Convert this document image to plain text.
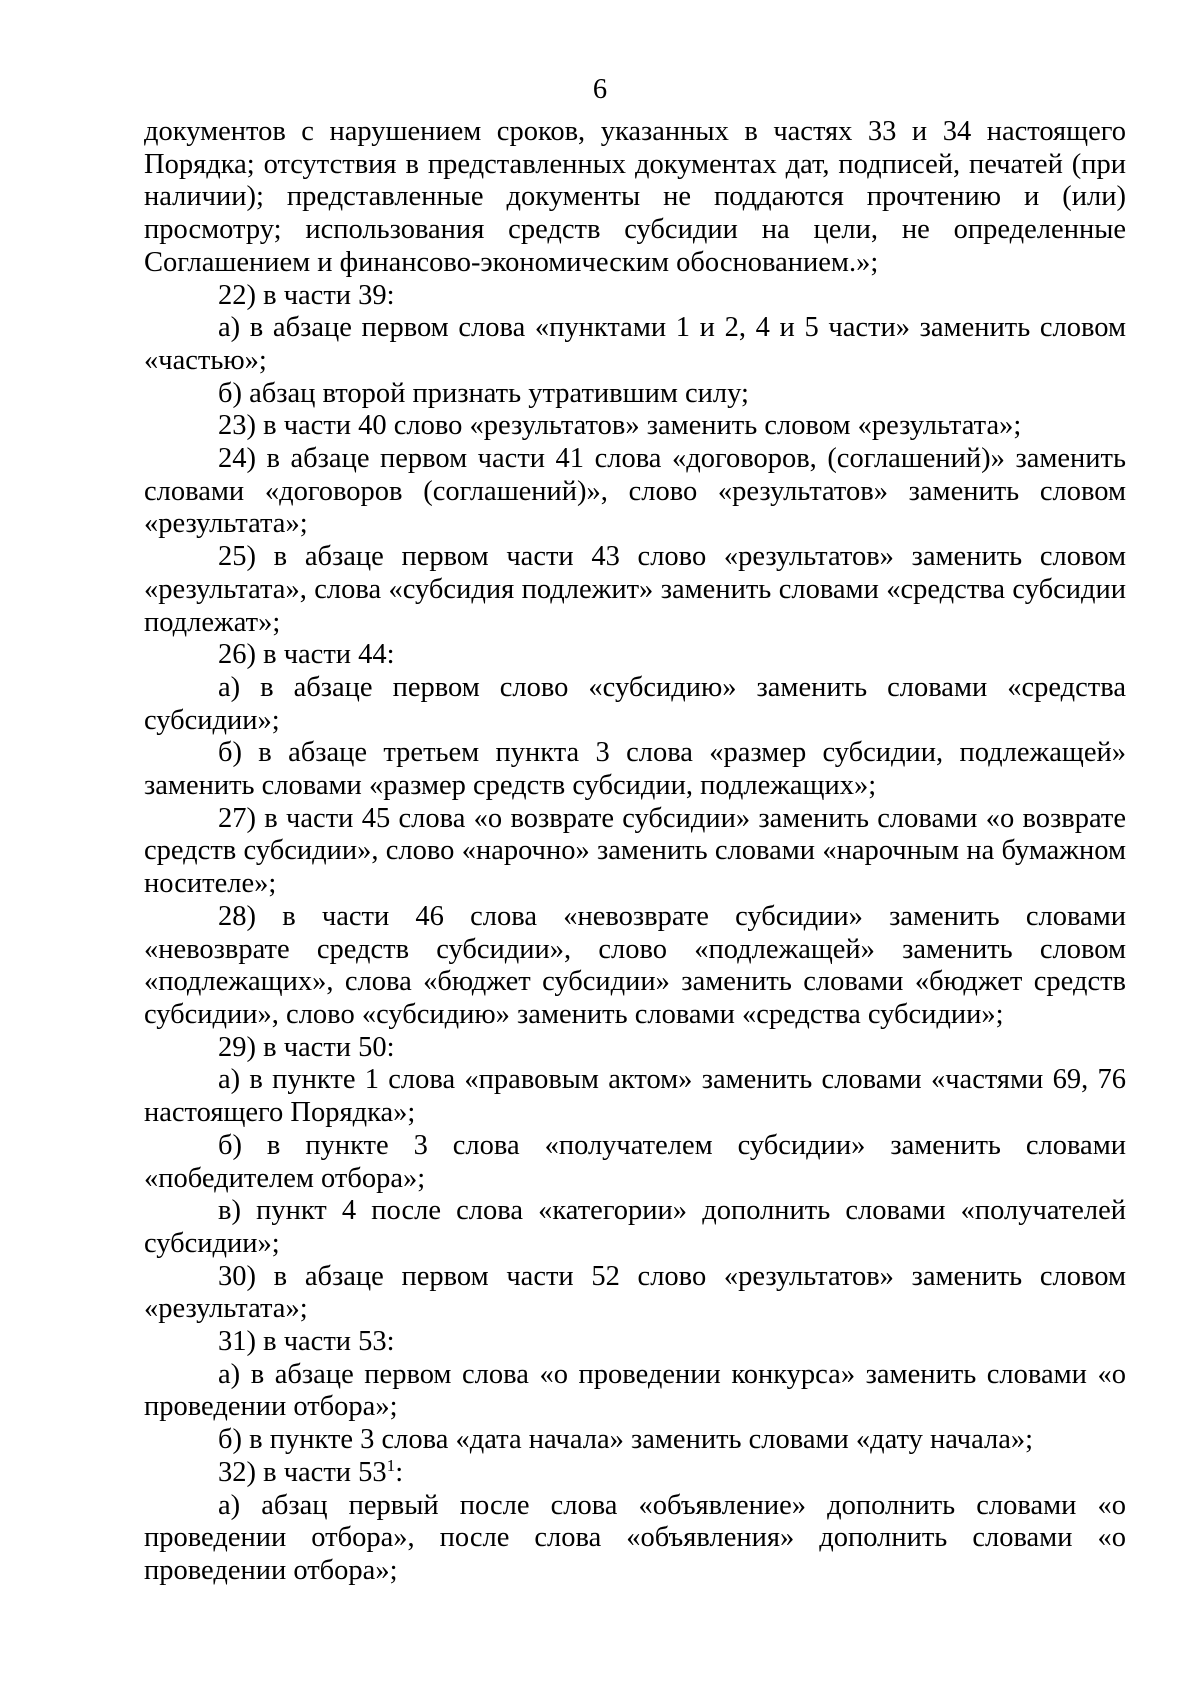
6

документов с нарушением сроков, указанных в частях 33 и 34 настоящего Порядка; отсутствия в представленных документах дат, подписей, печатей (при наличии); представленные документы не поддаются прочтению и (или) просмотру; использования средств субсидии на цели, не определенные Соглашением и финансово-экономическим обоснованием.»;

22) в части 39:

а) в абзаце первом слова «пунктами 1 и 2, 4 и 5 части» заменить словом «частью»;

б) абзац второй признать утратившим силу;

23) в части 40 слово «результатов» заменить словом «результата»;

24) в абзаце первом части 41 слова «договоров, (соглашений)» заменить словами «договоров (соглашений)», слово «результатов» заменить словом «результата»;

25) в абзаце первом части 43 слово «результатов» заменить словом «результата», слова «субсидия подлежит» заменить словами «средства субсидии подлежат»;

26) в части 44:

а) в абзаце первом слово «субсидию» заменить словами «средства субсидии»;

б) в абзаце третьем пункта 3 слова «размер субсидии, подлежащей» заменить словами «размер средств субсидии, подлежащих»;

27) в части 45 слова «о возврате субсидии» заменить словами «о возврате средств субсидии», слово «нарочно» заменить словами «нарочным на бумажном носителе»;

28) в части 46 слова «невозврате субсидии» заменить словами «невозврате средств субсидии», слово «подлежащей» заменить словом «подлежащих», слова «бюджет субсидии» заменить словами «бюджет средств субсидии», слово «субсидию» заменить словами «средства субсидии»;

29) в части 50:

а) в пункте 1 слова «правовым актом» заменить словами «частями 69, 76 настоящего Порядка»;

б) в пункте 3 слова «получателем субсидии» заменить словами «победителем отбора»;

в) пункт 4 после слова «категории» дополнить словами «получателей субсидии»;

30) в абзаце первом части 52 слово «результатов» заменить словом «результата»;

31) в части 53:

а) в абзаце первом слова «о проведении конкурса» заменить словами «о проведении отбора»;

б) в пункте 3 слова «дата начала» заменить словами «дату начала»;

32) в части $53^1$:

а) абзац первый после слова «объявление» дополнить словами «о проведении отбора», после слова «объявления» дополнить словами «о проведении отбора»;
